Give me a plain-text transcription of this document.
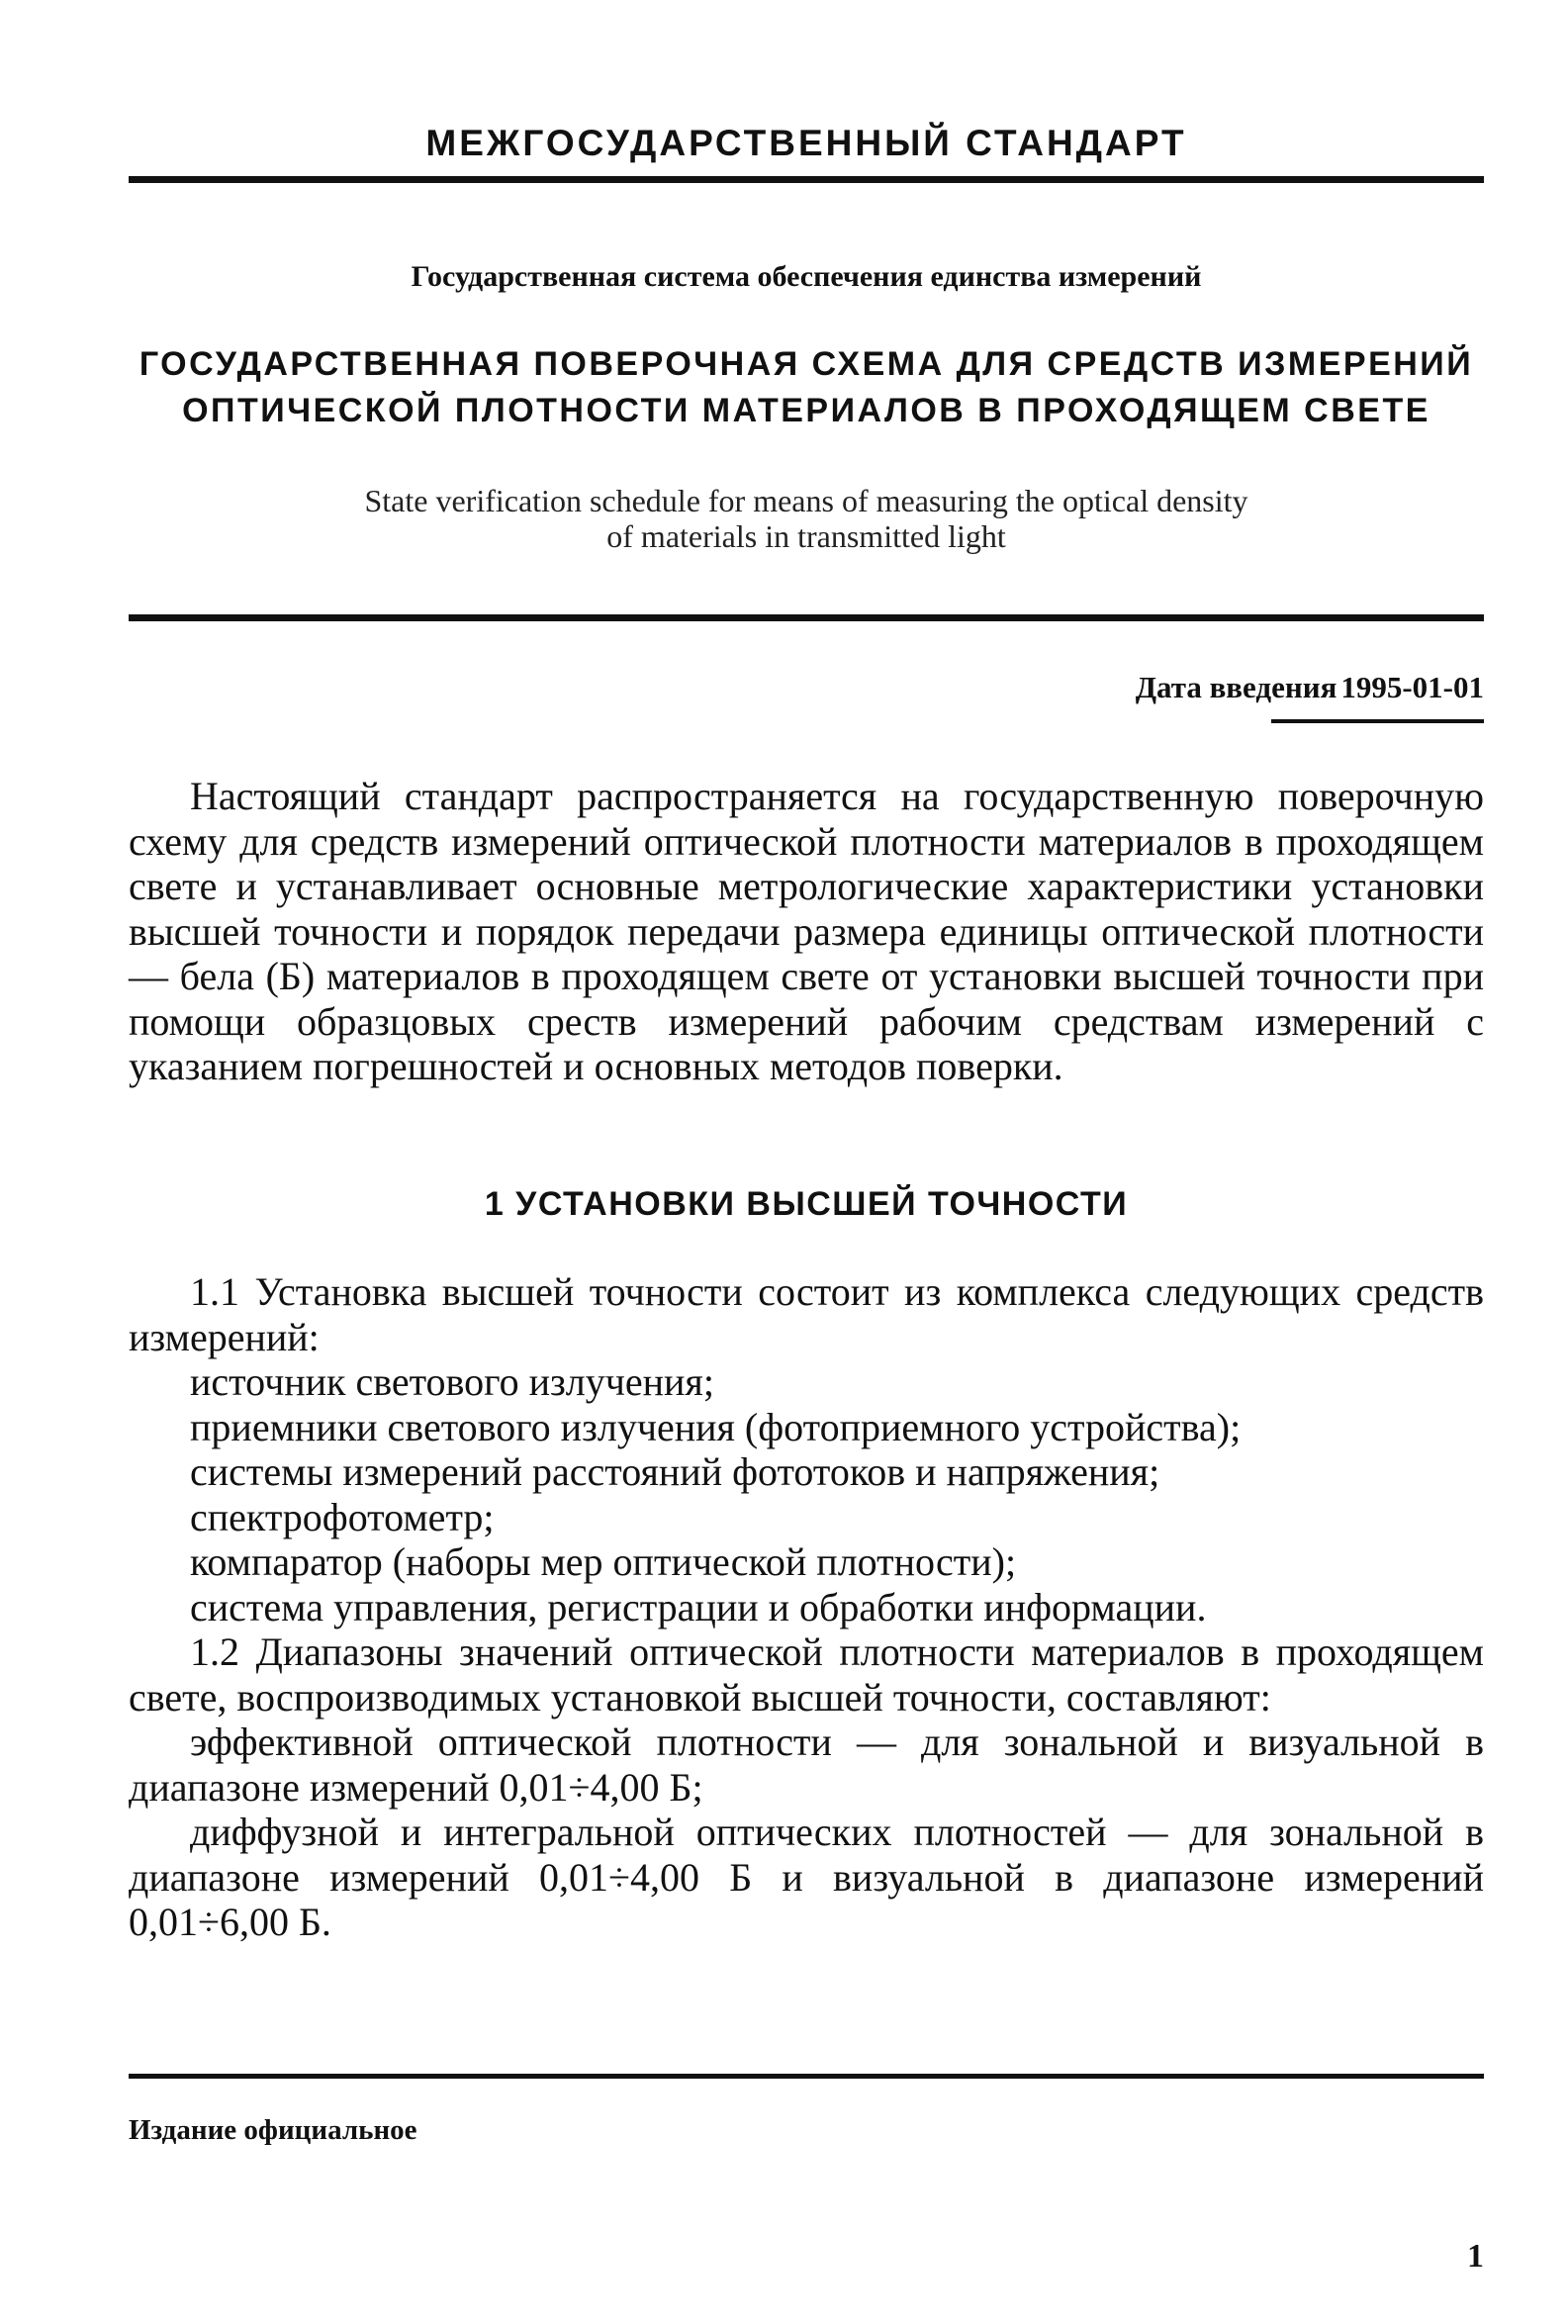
МЕЖГОСУДАРСТВЕННЫЙ СТАНДАРТ
Государственная система обеспечения единства измерений
ГОСУДАРСТВЕННАЯ ПОВЕРОЧНАЯ СХЕМА ДЛЯ СРЕДСТВ ИЗМЕРЕНИЙ
ОПТИЧЕСКОЙ ПЛОТНОСТИ МАТЕРИАЛОВ В ПРОХОДЯЩЕМ СВЕТЕ
State verification schedule for means of measuring the optical density
of materials in transmitted light
Дата введения 1995-01-01
Настоящий стандарт распространяется на государственную поверочную схему для средств измерений оптической плотности материалов в проходящем свете и устанавливает основные метрологические характеристики установки высшей точности и порядок передачи размера единицы оптической плотности — бела (Б) материалов в проходящем свете от установки высшей точности при помощи образцовых среств измерений рабочим средствам измерений с указанием погрешностей и основных методов поверки.
1 УСТАНОВКИ ВЫСШЕЙ ТОЧНОСТИ
1.1 Установка высшей точности состоит из комплекса следующих средств измерений:
источник светового излучения;
приемники светового излучения (фотоприемного устройства);
системы измерений расстояний фототоков и напряжения;
спектрофотометр;
компаратор (наборы мер оптической плотности);
система управления, регистрации и обработки информации.
1.2 Диапазоны значений оптической плотности материалов в проходящем свете, воспроизводимых установкой высшей точности, составляют:
эффективной оптической плотности — для зональной и визуальной в диапазоне измерений 0,01÷4,00 Б;
диффузной и интегральной оптических плотностей — для зональной в диапазоне измерений 0,01÷4,00 Б и визуальной в диапазоне измерений 0,01÷6,00 Б.
Издание официальное
1
